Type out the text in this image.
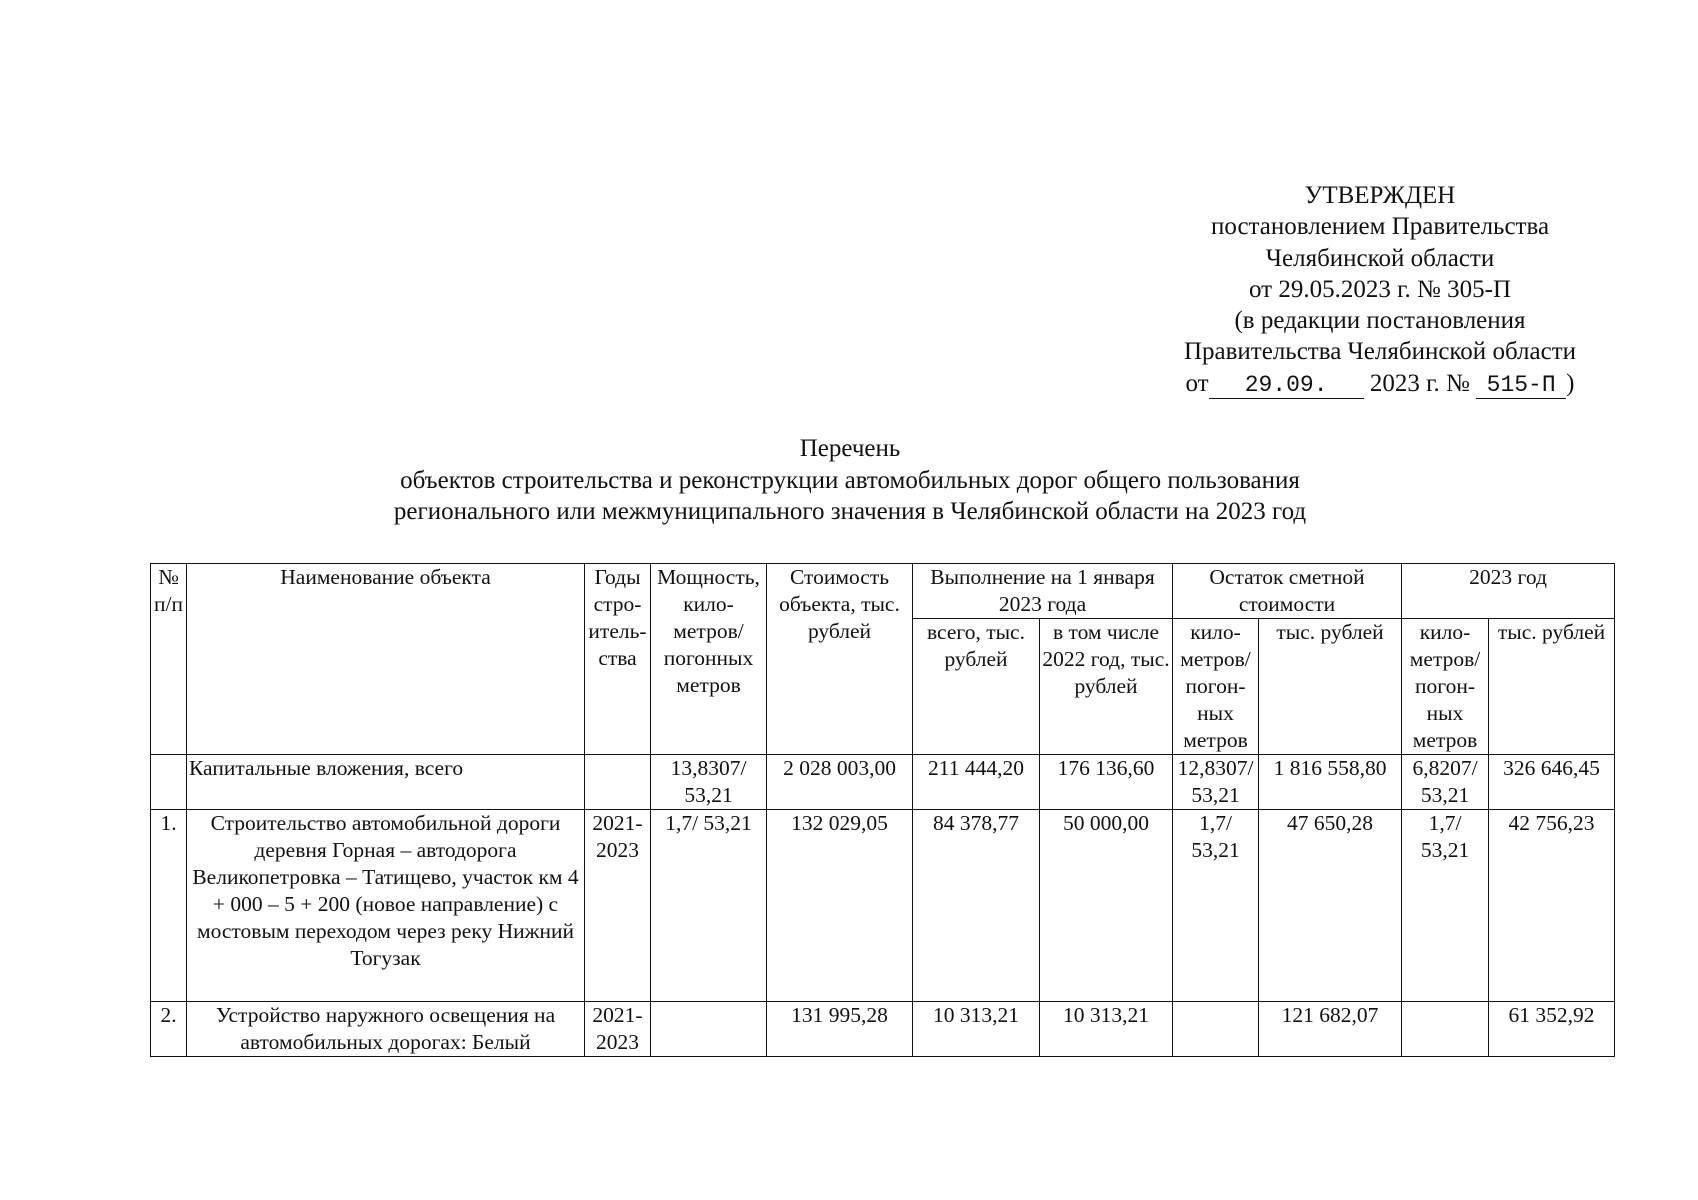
УТВЕРЖДЕН
постановлением Правительства
Челябинской области
от 29.05.2023 г. № 305-П
(в редакции постановления
Правительства Челябинской области
от 29.09. 2023 г. № 515-П )
Перечень
объектов строительства и реконструкции автомобильных дорог общего пользования
регионального или межмуниципального значения в Челябинской области на 2023 год
№ п/п	Наименование объекта	Годы стро-итель-ства	Мощность, кило-метров/ погонных метров	Стоимость объекта, тыс. рублей	Выполнение на 1 января 2023 года		Остаток сметной стоимости		2023 год	
					всего, тыс. рублей	в том числе 2022 год, тыс. рублей	кило-метров/ погон-ных метров	тыс. рублей	кило-метров/ погон-ных метров	тыс. рублей
	Капитальные вложения, всего		13,8307/ 53,21	2 028 003,00	211 444,20	176 136,60	12,8307/ 53,21	1 816 558,80	6,8207/ 53,21	326 646,45
1.	Строительство автомобильной дороги деревня Горная – автодорога Великопетровка – Татищево, участок км 4 + 000 – 5 + 200 (новое направление) с мостовым переходом через реку Нижний Тогузак	2021-2023	1,7/ 53,21	132 029,05	84 378,77	50 000,00	1,7/ 53,21	47 650,28	1,7/ 53,21	42 756,23
2.	Устройство наружного освещения на автомобильных дорогах: Белый	2021-2023		131 995,28	10 313,21	10 313,21		121 682,07		61 352,92
